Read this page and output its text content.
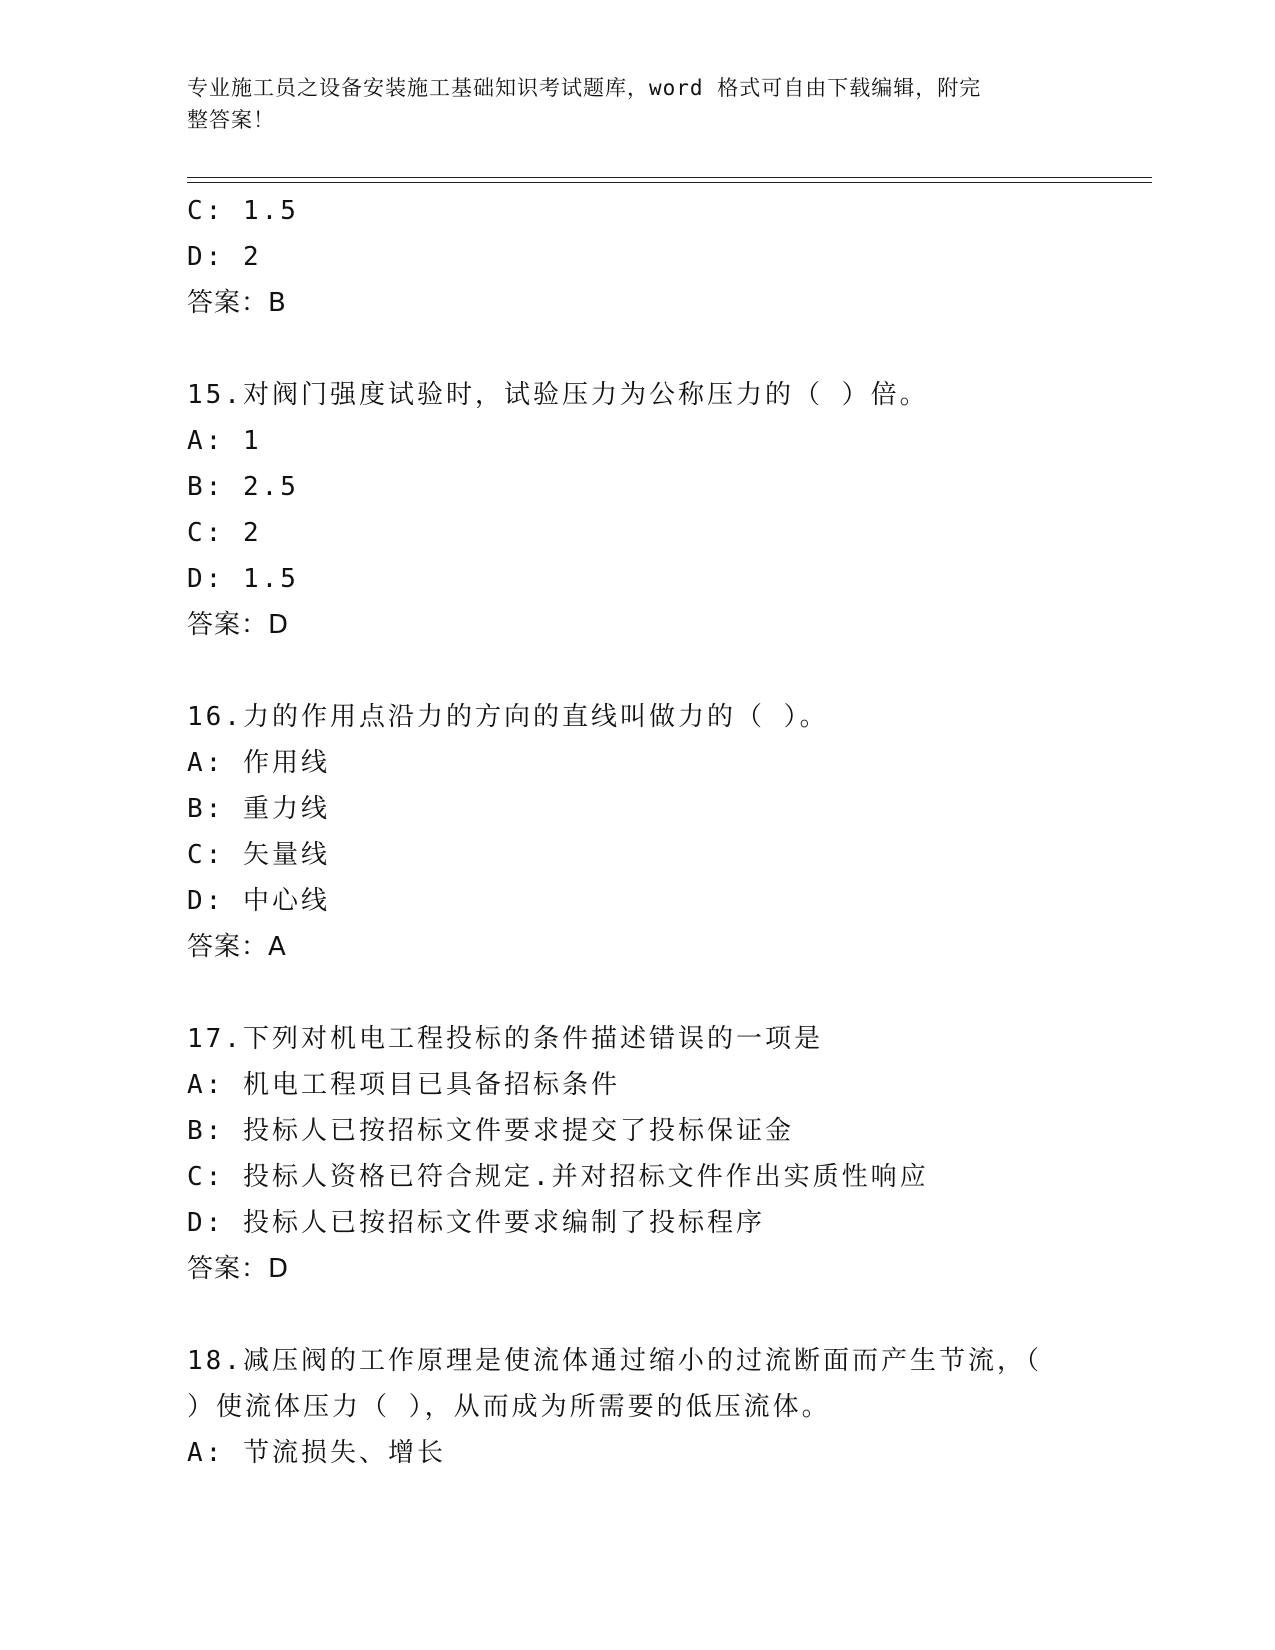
专业施工员之设备安装施工基础知识考试题库，word 格式可自由下载编辑，附完
整答案！
C: 1.5
D: 2
答案：B
15.对阀门强度试验时，试验压力为公称压力的（ ）倍。
A: 1
B: 2.5
C: 2
D: 1.5
答案：D
16.力的作用点沿力的方向的直线叫做力的（ ）。
A: 作用线
B: 重力线
C: 矢量线
D: 中心线
答案：A
17.下列对机电工程投标的条件描述错误的一项是
A: 机电工程项目已具备招标条件
B: 投标人已按招标文件要求提交了投标保证金
C: 投标人资格已符合规定.并对招标文件作出实质性响应
D: 投标人已按招标文件要求编制了投标程序
答案：D
18.减压阀的工作原理是使流体通过缩小的过流断面而产生节流，（
）使流体压力（ ），从而成为所需要的低压流体。
A: 节流损失、增长
